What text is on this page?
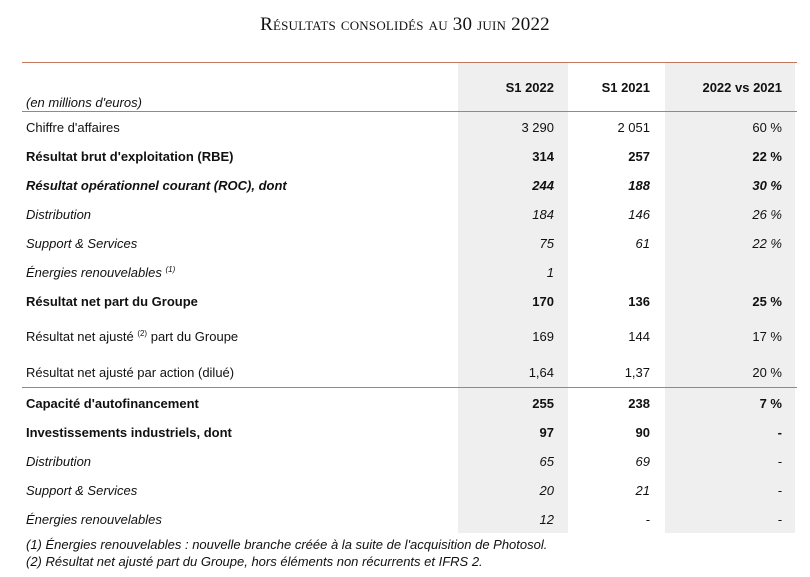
Résultats consolidés au 30 juin 2022
S1 2022	S1 2021	2022 vs 2021
(en millions d'euros)
Chiffre d'affaires	3 290	2 051	60 %
Résultat brut d'exploitation (RBE)	314	257	22 %
Résultat opérationnel courant (ROC), dont	244	188	30 %
Distribution	184	146	26 %
Support & Services	75	61	22 %
Énergies renouvelables $^{(1)}$	1
Résultat net part du Groupe	170	136	25 %
Résultat net ajusté $^{(2)}$ part du Groupe	169	144	17 %
Résultat net ajusté par action (dilué)	1,64	1,37	20 %
Capacité d'autofinancement	255	238	7 %
Investissements industriels, dont	97	90	-
Distribution	65	69	-
Support & Services	20	21	-
Énergies renouvelables	12	-	-
(1) Énergies renouvelables : nouvelle branche créée à la suite de l'acquisition de Photosol.
(2) Résultat net ajusté part du Groupe, hors éléments non récurrents et IFRS 2.
